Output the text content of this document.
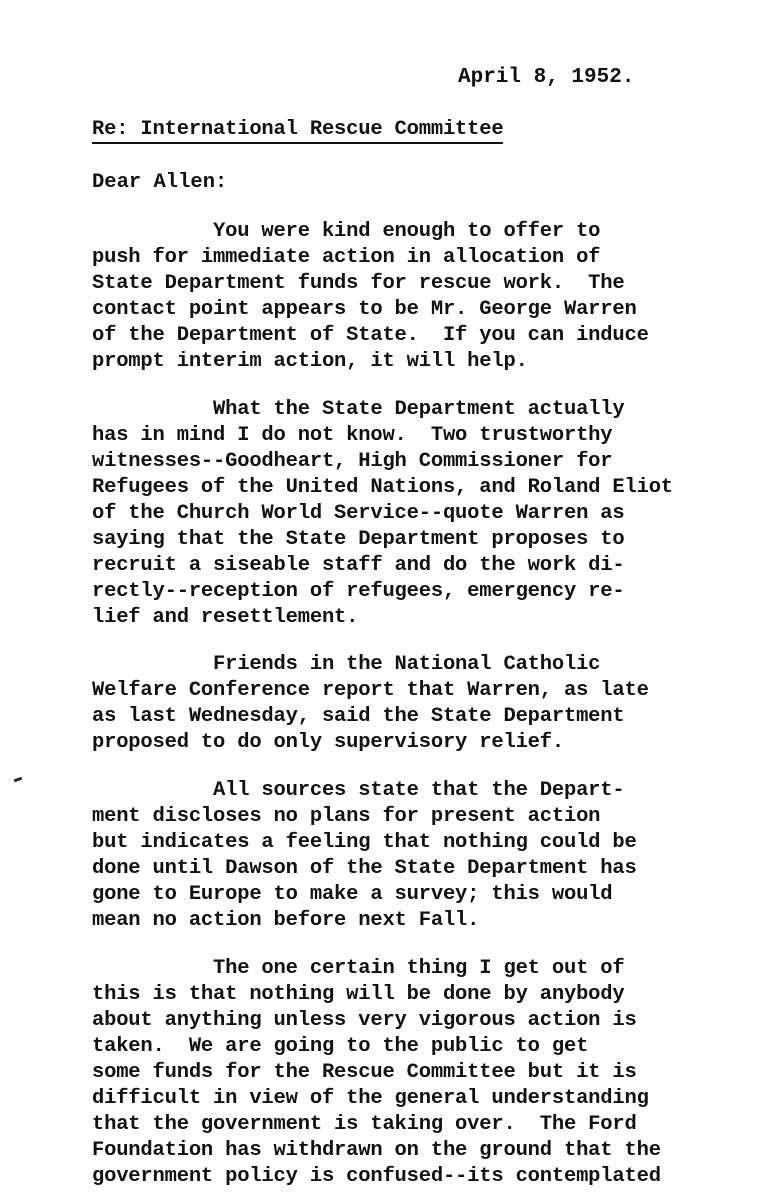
April 8, 1952.
Re: International Rescue Committee
Dear Allen:
You were kind enough to offer to
push for immediate action in allocation of
State Department funds for rescue work.  The
contact point appears to be Mr. George Warren
of the Department of State.  If you can induce
prompt interim action, it will help.
What the State Department actually
has in mind I do not know.  Two trustworthy
witnesses--Goodheart, High Commissioner for
Refugees of the United Nations, and Roland Eliot
of the Church World Service--quote Warren as
saying that the State Department proposes to
recruit a siseable staff and do the work di-
rectly--reception of refugees, emergency re-
lief and resettlement.
Friends in the National Catholic
Welfare Conference report that Warren, as late
as last Wednesday, said the State Department
proposed to do only supervisory relief.
All sources state that the Depart-
ment discloses no plans for present action
but indicates a feeling that nothing could be
done until Dawson of the State Department has
gone to Europe to make a survey; this would
mean no action before next Fall.
The one certain thing I get out of
this is that nothing will be done by anybody
about anything unless very vigorous action is
taken.  We are going to the public to get
some funds for the Rescue Committee but it is
difficult in view of the general understanding
that the government is taking over.  The Ford
Foundation has withdrawn on the ground that the
government policy is confused--its contemplated
